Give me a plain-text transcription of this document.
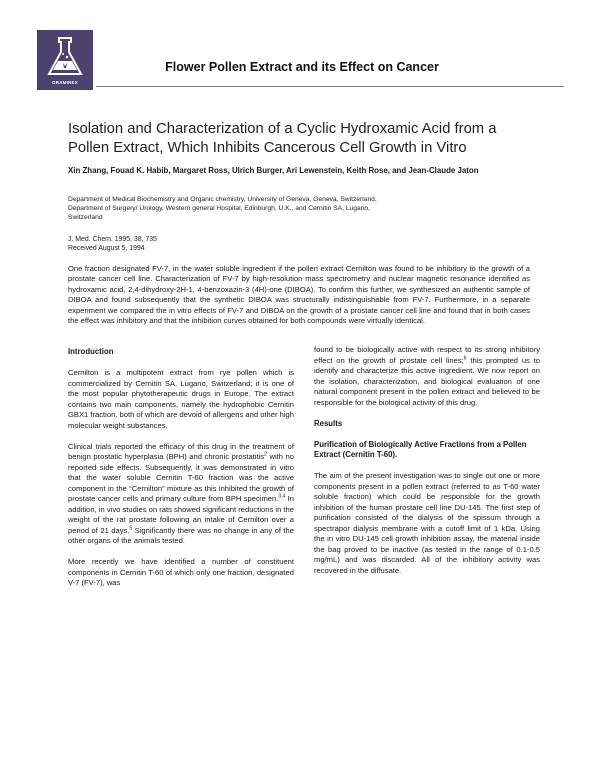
GRAMINEX
Flower Pollen Extract and its Effect on Cancer
Isolation and Characterization of a Cyclic Hydroxamic Acid from a Pollen Extract, Which Inhibits Cancerous Cell Growth in Vitro
Xin Zhang, Fouad K. Habib, Margaret Ross, Ulrich Burger, Ari Lewenstein, Keith Rose, and Jean-Claude Jaton
Department of Medical Biochemistry and Organic chemistry, University of Geneva, Geneva, Switzerland,
Department of Surgery/ Urology, Western general Hospital, Edinburgh, U.K., and Cernitin SA, Lugano,
Switzerland
J. Med. Chem. 1995, 38, 735
Received August 5, 1994
One fraction designated FV-7, in the water soluble ingredient if the pollen extract Cernilton was found to be inhibitory to the growth of a prostate cancer cell line. Characterization of FV-7 by high-resolution mass spectrometry and nuclear magnetic resonance identified as hydroxamic acid, 2,4-dihydroxy-2H-1, 4-benzoxazin-3 (4H)-one (DIBOA). To confirm this further, we synthesized an authentic sample of DIBOA and found subsequently that the synthetic DIBOA was structurally indistinguishable from FV-7. Furthermore, in a separate experiment we compared the in vitro effects of FV-7 and DIBOA on the growth of a prostate cancer cell line and found that in both cases the effect was inhibitory and that the inhibition curves obtained for both compounds were virtually identical.
Introduction

Cernilton is a multipotent extract from rye pollen which is commercialized by Cernitin SA, Lugano, Switzerland; it is one of the most popular phytotherapeutic drugs in Europe. The extract contains two main components, namely the hydrophobic Cernitin GBX1 fraction, both of which are devoid of allergens and other high molecular weight substances.

Clinical trials reported the efficacy of this drug in the treatment of benign prostatic hyperplasia (BPH) and chronic prostatitis$^2$ with no reported side effects. Subsequently, it was demonstrated in vitro that the water soluble Cernitin T-60 fraction was the active component in the “Cernilton” mixture as this inhibited the growth of prostate cancer cells and primary culture from BPH specimen.$^{3,4}$ In addition, in vivo studies on rats showed significant reductions in the weight of the rat prostate following an intake of Cernilton over a period of 21 days.$^5$ Significantly there was no change in any of the other organs of the animals tested.

More recently we have identified a number of constituent components in Cernitin T-60 of which only one fraction, designated V-7 (FV-7), was

found to be biologically active with respect to its strong inhibitory effect on the growth of prostate cell lines;$^6$ this prompted us to identify and characterize this active ingredient. We now report on the isolation, characterization, and biological evaluation of one natural component present in the pollen extract and believed to be responsible for the biological activity of this drug.

Results
Purification of Biologically Active Fractions from a Pollen Extract (Cernitin T-60).

The aim of the present investigation was to single out one or more components present in a pollen extract (referred to as T-60 water soluble fraction) which could be responsible for the growth inhibition of the human prostate cell line DU-145. The first step of purification consisted of the dialysis of the spissum through a spectrapor dialysis membrane with a cutoff limit of 1 kDa. Using the in vitro DU-145 cell growth inhibition assay, the material inside the bag proved to be inactive (as tested in the range of 0.1-0.5 mg/mL) and was discarded. All of the inhibitory activity was recovered in the diffusate.
